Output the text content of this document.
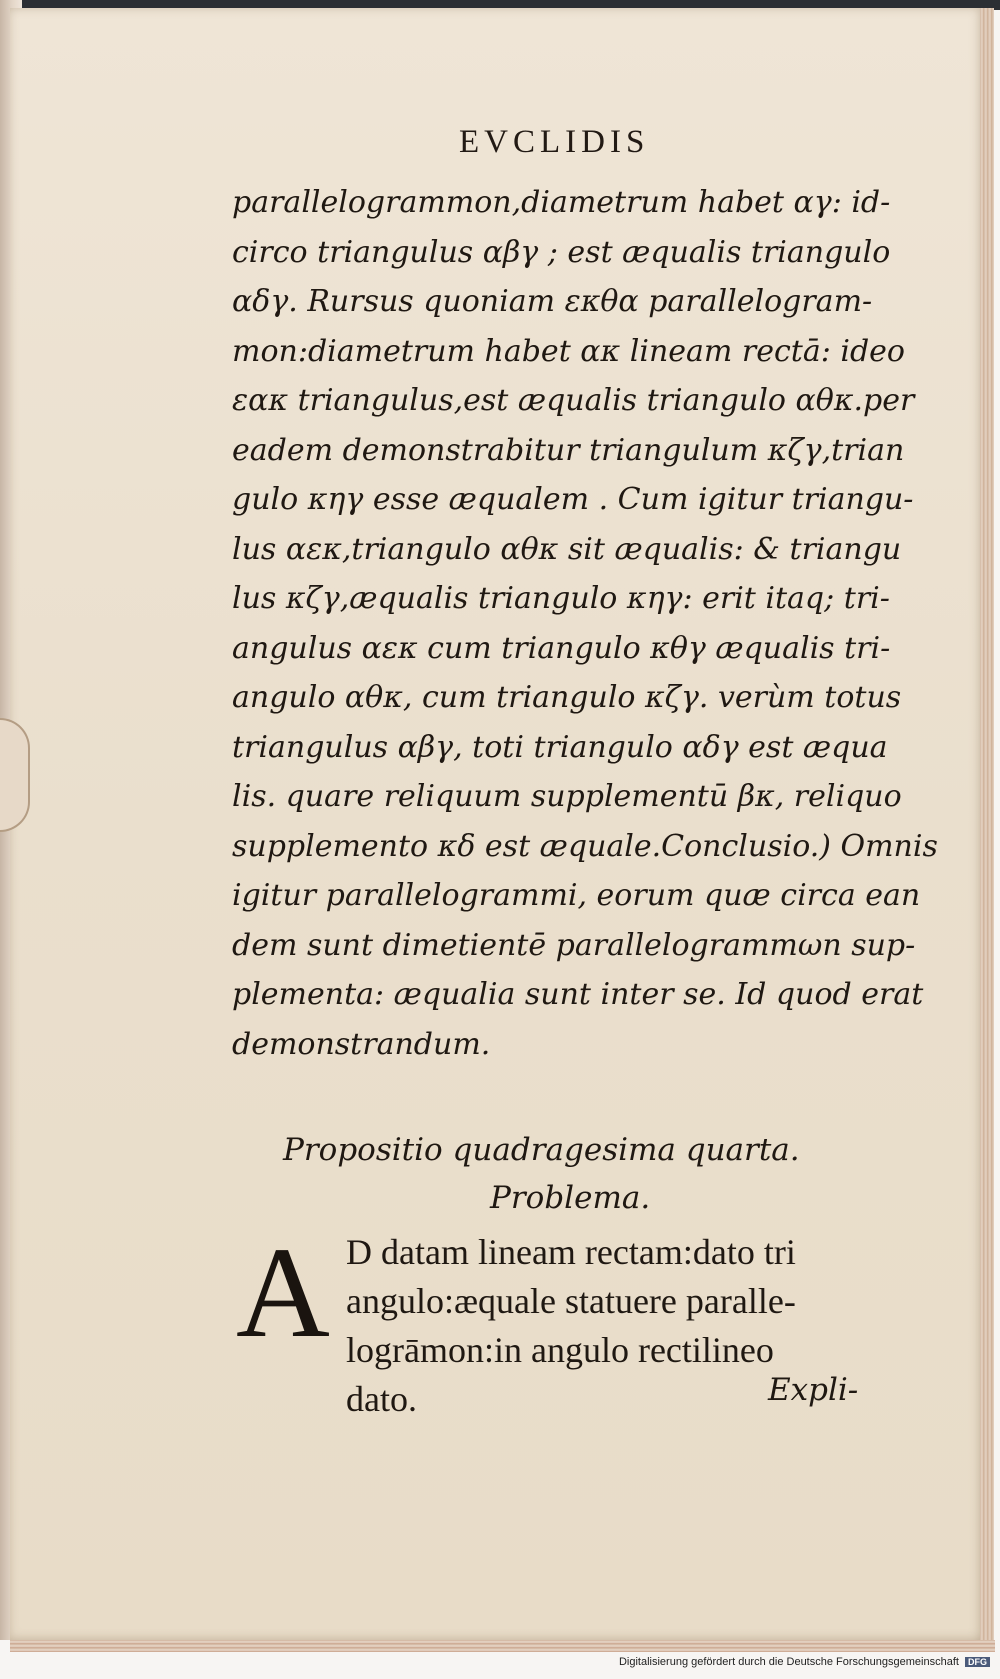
EVCLIDIS
parallelogrammon,diametrum habet αγ: id-
circo triangulus αβγ ; est æqualis triangulo
αδγ. Rursus quoniam εκθα parallelogram-
mon:diametrum habet ακ lineam rectā: ideo
εακ triangulus,est æqualis triangulo αθκ.per
eadem demonstrabitur triangulum κζγ,trian
gulo κηγ esse æqualem . Cum igitur triangu-
lus αεκ,triangulo αθκ sit æqualis: & triangu
lus κζγ,æqualis triangulo κηγ: erit itaq; tri-
angulus αεκ cum triangulo κθγ æqualis tri-
angulo αθκ, cum triangulo κζγ. verùm totus
triangulus αβγ, toti triangulo αδγ est æqua
lis. quare reliquum supplementū βκ, reliquo
supplemento κδ est æquale.Conclusio.) Omnis
igitur parallelogrammi, eorum quæ circa ean
dem sunt dimetientē parallelogrammωn sup-
plementa: æqualia sunt inter se. Id quod erat
demonstrandum.
Propositio quadragesima quarta.
Problema.
A D datam lineam rectam:dato tri
angulo:æquale statuere paralle-
logrāmon:in angulo rectilineo
dato.	Expli-
Digitalisierung gefördert durch die Deutsche Forschungsgemeinschaft DFG
